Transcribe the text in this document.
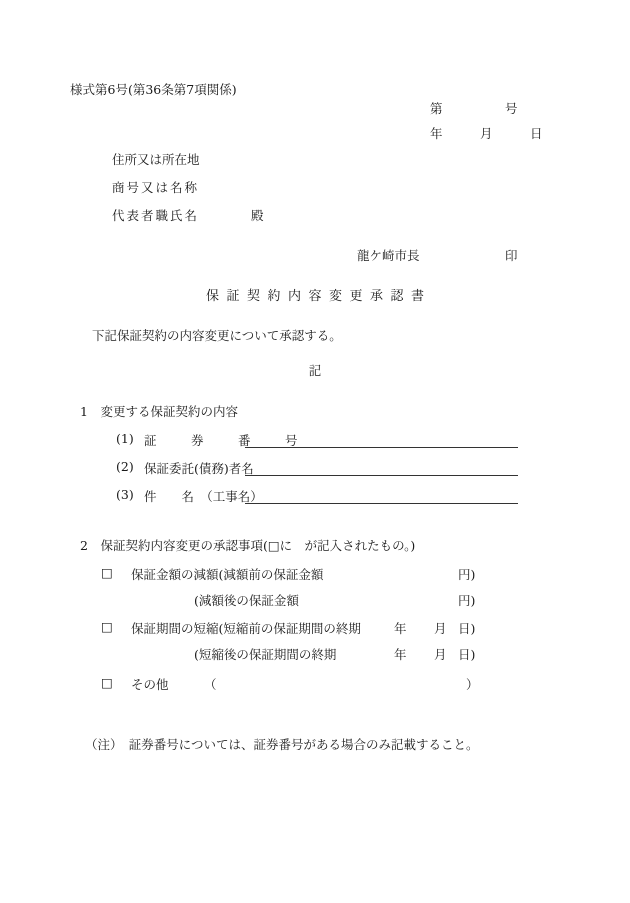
様式第6号(第36条第7項関係)
第　　　　　号
年　　　月　　　日
住所又は所在地
商号又は名称
代表者職氏名	殿
龍ケ崎市長	印
保証契約内容変更承認書
下記保証契約の内容変更について承認する。
記
1　 変更する保証契約の内容
(1) 証　券　番　号
(2) 保証委託(債務)者名
(3) 件　　名　（工事名）
2　 保証契約内容変更の承認事項(□に　が記入されたもの。)
□ 保証金額の減額(減額前の保証金額	円)
(減額後の保証金額	円)
□ 保証期間の短縮(短縮前の保証期間の終期	年 月 日)
(短縮後の保証期間の終期	年 月 日)
□ その他	（	）
（注）　証券番号については、証券番号がある場合のみ記載すること。
